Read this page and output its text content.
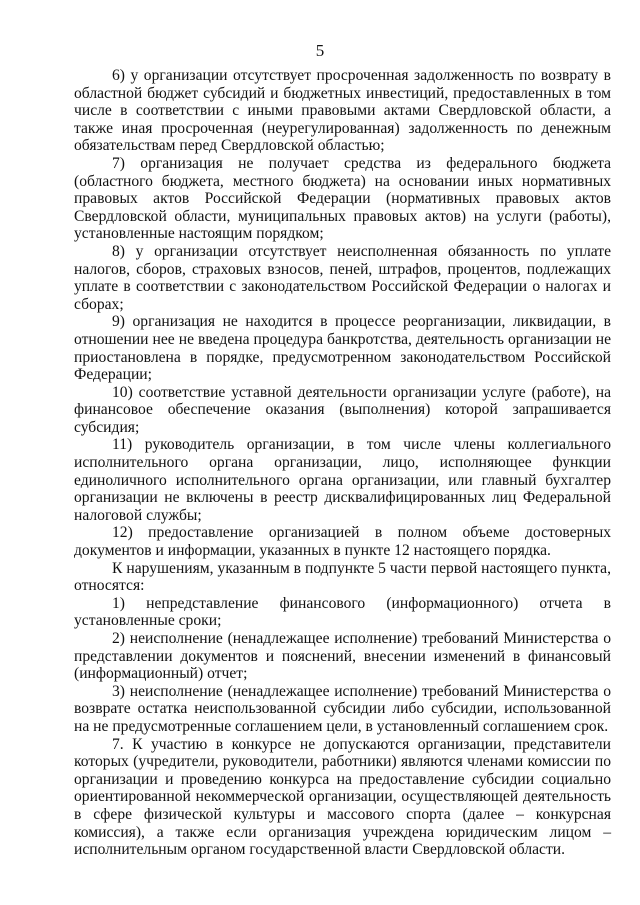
5

6) у организации отсутствует просроченная задолженность по возврату в областной бюджет субсидий и бюджетных инвестиций, предоставленных в том числе в соответствии с иными правовыми актами Свердловской области, а также иная просроченная (неурегулированная) задолженность по денежным обязательствам перед Свердловской областью;

7) организация не получает средства из федерального бюджета (областного бюджета, местного бюджета) на основании иных нормативных правовых актов Российской Федерации (нормативных правовых актов Свердловской области, муниципальных правовых актов) на услуги (работы), установленные настоящим порядком;

8) у организации отсутствует неисполненная обязанность по уплате налогов, сборов, страховых взносов, пеней, штрафов, процентов, подлежащих уплате в соответствии с законодательством Российской Федерации о налогах и сборах;

9) организация не находится в процессе реорганизации, ликвидации, в отношении нее не введена процедура банкротства, деятельность организации не приостановлена в порядке, предусмотренном законодательством Российской Федерации;

10) соответствие уставной деятельности организации услуге (работе), на финансовое обеспечение оказания (выполнения) которой запрашивается субсидия;

11) руководитель организации, в том числе члены коллегиального исполнительного органа организации, лицо, исполняющее функции единоличного исполнительного органа организации, или главный бухгалтер организации не включены в реестр дисквалифицированных лиц Федеральной налоговой службы;

12) предоставление организацией в полном объеме достоверных документов и информации, указанных в пункте 12 настоящего порядка.

К нарушениям, указанным в подпункте 5 части первой настоящего пункта, относятся:

1) непредставление финансового (информационного) отчета в установленные сроки;

2) неисполнение (ненадлежащее исполнение) требований Министерства о представлении документов и пояснений, внесении изменений в финансовый (информационный) отчет;

3) неисполнение (ненадлежащее исполнение) требований Министерства о возврате остатка неиспользованной субсидии либо субсидии, использованной на не предусмотренные соглашением цели, в установленный соглашением срок.

7. К участию в конкурсе не допускаются организации, представители которых (учредители, руководители, работники) являются членами комиссии по организации и проведению конкурса на предоставление субсидии социально ориентированной некоммерческой организации, осуществляющей деятельность в сфере физической культуры и массового спорта (далее – конкурсная комиссия), а также если организация учреждена юридическим лицом – исполнительным органом государственной власти Свердловской области.
